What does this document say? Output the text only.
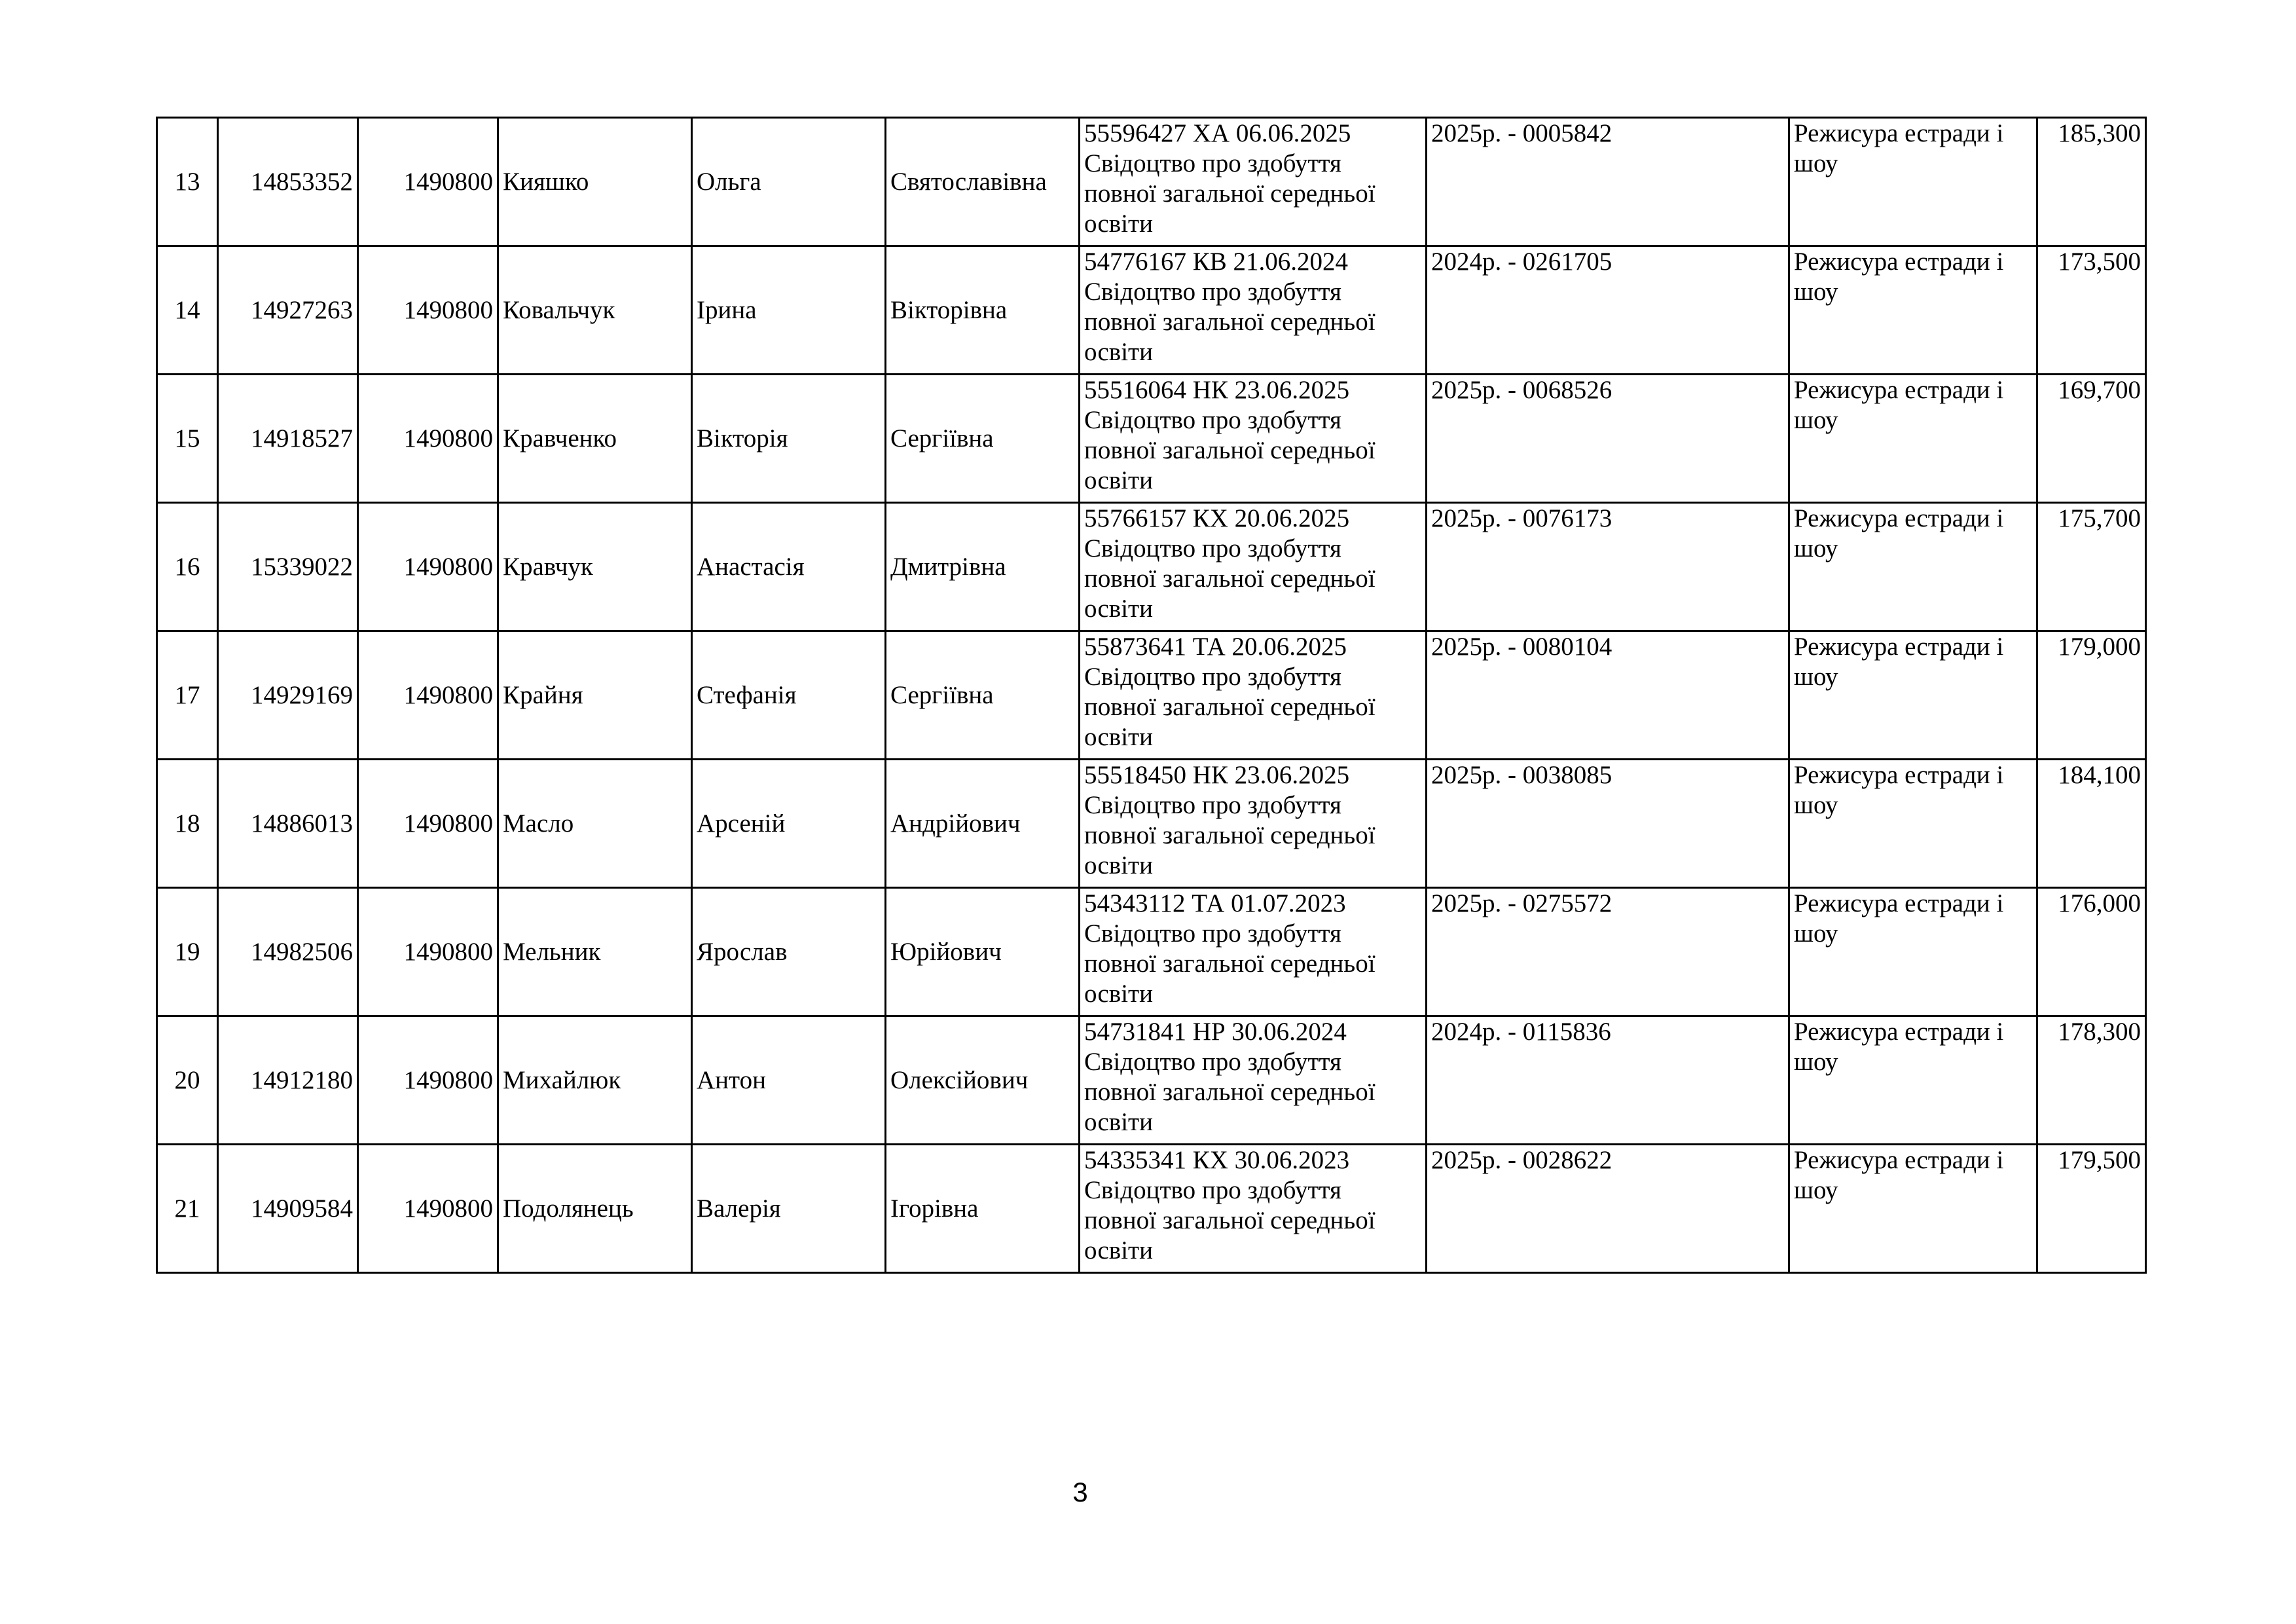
13	14853352	1490800	Кияшко	Ольга	Святославівна	55596427 ХА 06.06.2025
Свідоцтво про здобуття
повної загальної середньої
освіти	2025р. - 0005842	Режисура естради і
шоу	185,300
14	14927263	1490800	Ковальчук	Ірина	Вікторівна	54776167 КВ 21.06.2024
Свідоцтво про здобуття
повної загальної середньої
освіти	2024р. - 0261705	Режисура естради і
шоу	173,500
15	14918527	1490800	Кравченко	Вікторія	Сергіївна	55516064 НК 23.06.2025
Свідоцтво про здобуття
повної загальної середньої
освіти	2025р. - 0068526	Режисура естради і
шоу	169,700
16	15339022	1490800	Кравчук	Анастасія	Дмитрівна	55766157 КХ 20.06.2025
Свідоцтво про здобуття
повної загальної середньої
освіти	2025р. - 0076173	Режисура естради і
шоу	175,700
17	14929169	1490800	Крайня	Стефанія	Сергіївна	55873641 ТА 20.06.2025
Свідоцтво про здобуття
повної загальної середньої
освіти	2025р. - 0080104	Режисура естради і
шоу	179,000
18	14886013	1490800	Масло	Арсеній	Андрійович	55518450 НК 23.06.2025
Свідоцтво про здобуття
повної загальної середньої
освіти	2025р. - 0038085	Режисура естради і
шоу	184,100
19	14982506	1490800	Мельник	Ярослав	Юрійович	54343112 ТА 01.07.2023
Свідоцтво про здобуття
повної загальної середньої
освіти	2025р. - 0275572	Режисура естради і
шоу	176,000
20	14912180	1490800	Михайлюк	Антон	Олексійович	54731841 НР 30.06.2024
Свідоцтво про здобуття
повної загальної середньої
освіти	2024р. - 0115836	Режисура естради і
шоу	178,300
21	14909584	1490800	Подолянець	Валерія	Ігорівна	54335341 КХ 30.06.2023
Свідоцтво про здобуття
повної загальної середньої
освіти	2025р. - 0028622	Режисура естради і
шоу	179,500
3
